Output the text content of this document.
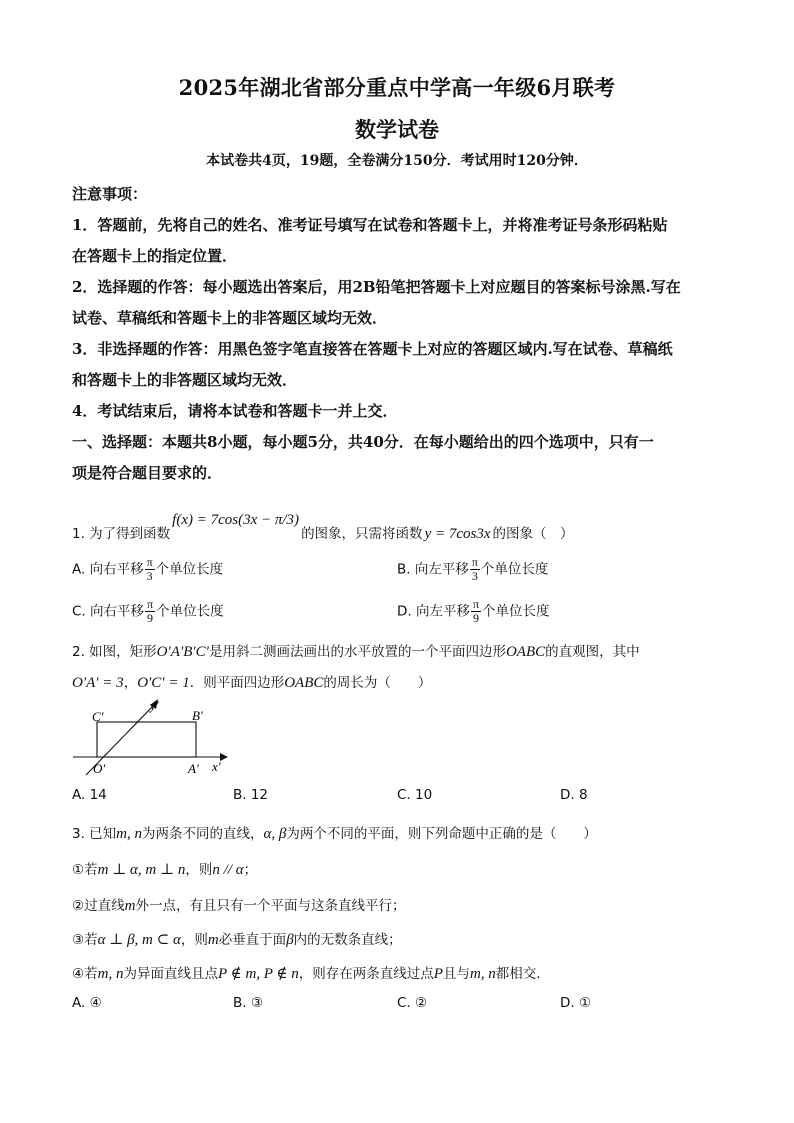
2025年湖北省部分重点中学高一年级6月联考
数学试卷
本试卷共4页，19题，全卷满分150分．考试用时120分钟．
注意事项：
1．答题前，先将自己的姓名、准考证号填写在试卷和答题卡上，并将准考证号条形码粘贴
在答题卡上的指定位置．
2．选择题的作答：每小题选出答案后，用2B铅笔把答题卡上对应题目的答案标号涂黑.写在
试卷、草稿纸和答题卡上的非答题区域均无效．
3．非选择题的作答：用黑色签字笔直接答在答题卡上对应的答题区域内.写在试卷、草稿纸
和答题卡上的非答题区域均无效．
4．考试结束后，请将本试卷和答题卡一并上交．
一、选择题：本题共8小题，每小题5分，共40分．在每小题给出的四个选项中，只有一
项是符合题目要求的．
1. 为了得到函数f(x) = 7cos(3x − π/3)的图象，只需将函数 y = 7cos3x 的图象（　）
A. 向右平移 $\frac{\pi}{3}$ 个单位长度	B. 向左平移 $\frac{\pi}{3}$ 个单位长度
C. 向右平移 $\frac{\pi}{9}$ 个单位长度	D. 向左平移 $\frac{\pi}{9}$ 个单位长度
2. 如图，矩形O′A′B′C′是用斜二测画法画出的水平放置的一个平面四边形OABC的直观图，其中
O′A′ = 3，O′C′ = 1．则平面四边形OABC的周长为（　　）
C′	B′
O′	A′ x′
y′
A. 14	B. 12	C. 10	D. 8
3. 已知m, n为两条不同的直线，α, β为两个不同的平面，则下列命题中正确的是（　　）
①若m ⊥ α, m ⊥ n，则n // α；
②过直线m外一点，有且只有一个平面与这条直线平行；
③若α ⊥ β, m ⊂ α，则m必垂直于面β内的无数条直线；
④若m, n为异面直线且点P ∉ m, P ∉ n，则存在两条直线过点P且与m, n都相交.
A. ④	B. ③	C. ②	D. ①
